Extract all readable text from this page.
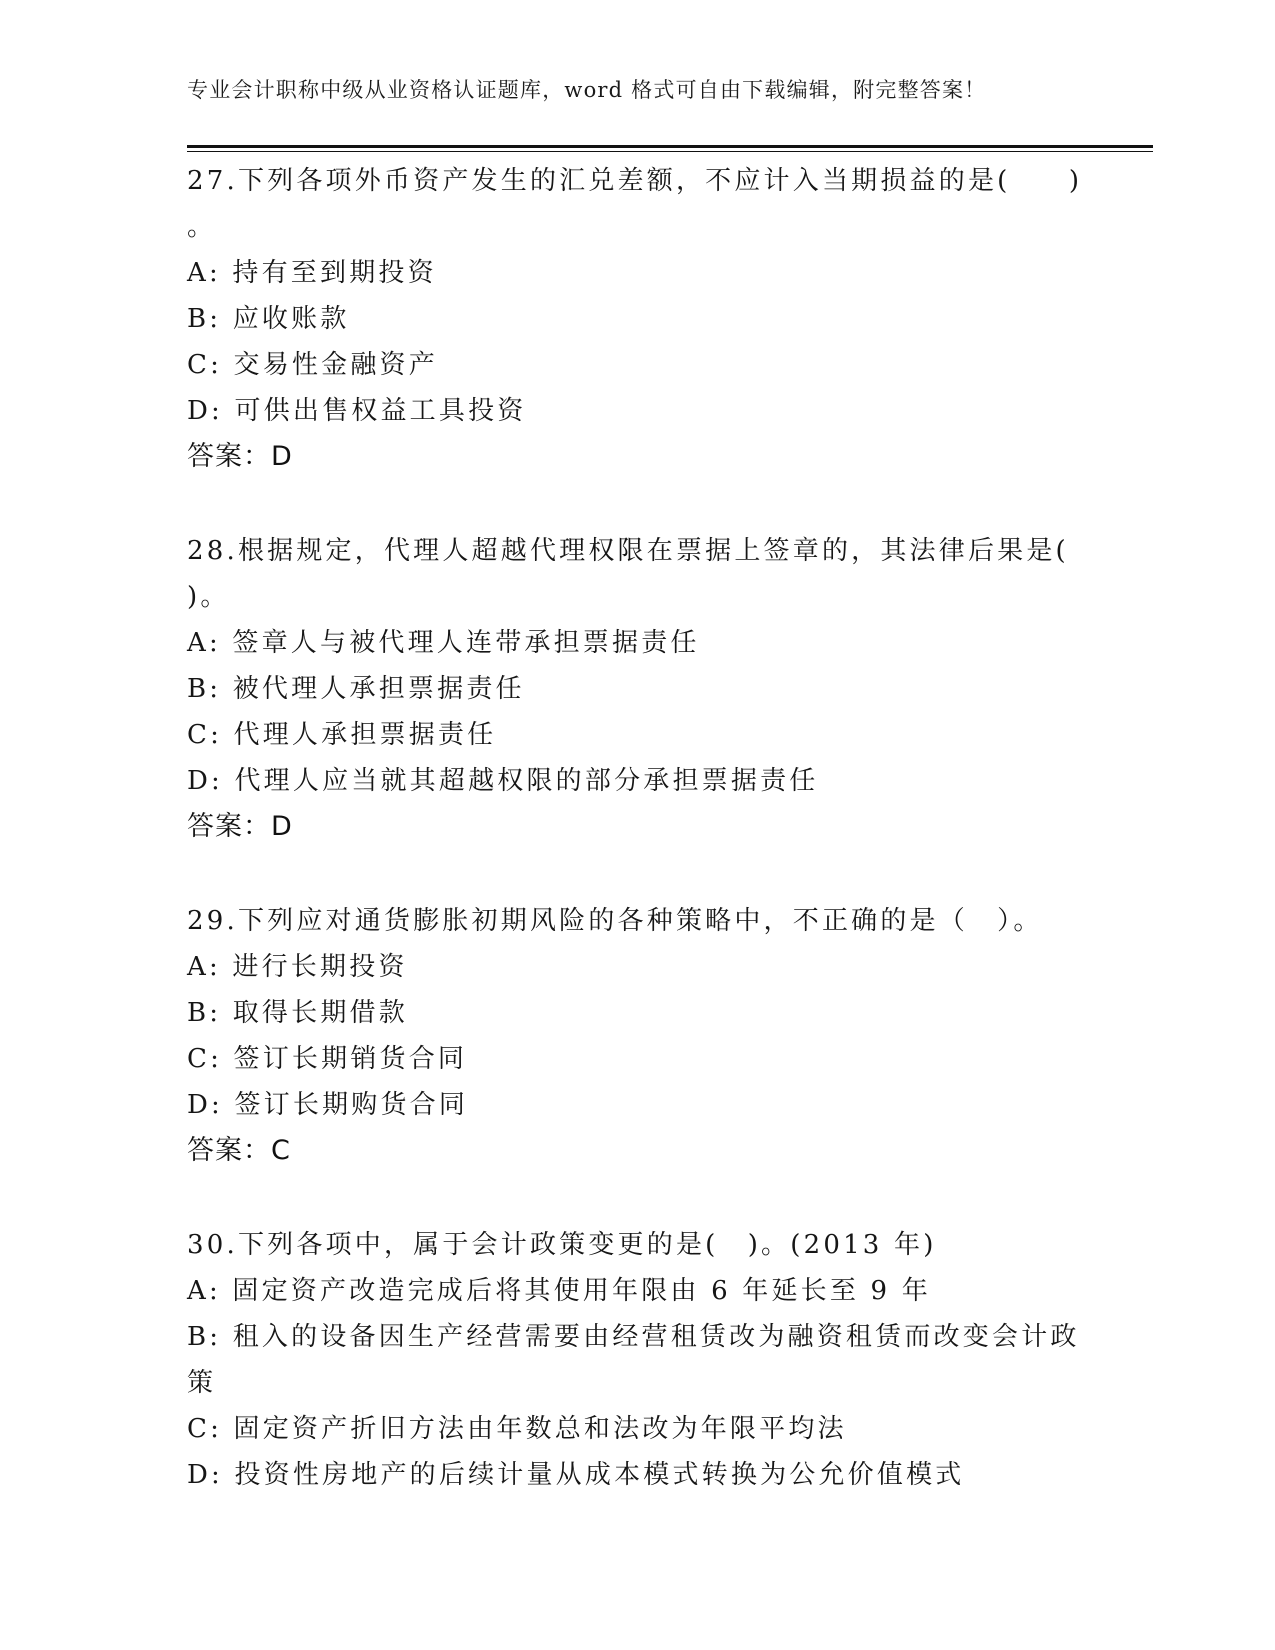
专业会计职称中级从业资格认证题库，word 格式可自由下载编辑，附完整答案！
27.下列各项外币资产发生的汇兑差额，不应计入当期损益的是(　　)
。
A: 持有至到期投资
B: 应收账款
C: 交易性金融资产
D: 可供出售权益工具投资
答案：D
28.根据规定，代理人超越代理权限在票据上签章的，其法律后果是(
)。
A: 签章人与被代理人连带承担票据责任
B: 被代理人承担票据责任
C: 代理人承担票据责任
D: 代理人应当就其超越权限的部分承担票据责任
答案：D
29.下列应对通货膨胀初期风险的各种策略中，不正确的是（　）。
A: 进行长期投资
B: 取得长期借款
C: 签订长期销货合同
D: 签订长期购货合同
答案：C
30.下列各项中，属于会计政策变更的是(　)。(2013 年)
A: 固定资产改造完成后将其使用年限由 6 年延长至 9 年
B: 租入的设备因生产经营需要由经营租赁改为融资租赁而改变会计政
策
C: 固定资产折旧方法由年数总和法改为年限平均法
D: 投资性房地产的后续计量从成本模式转换为公允价值模式
